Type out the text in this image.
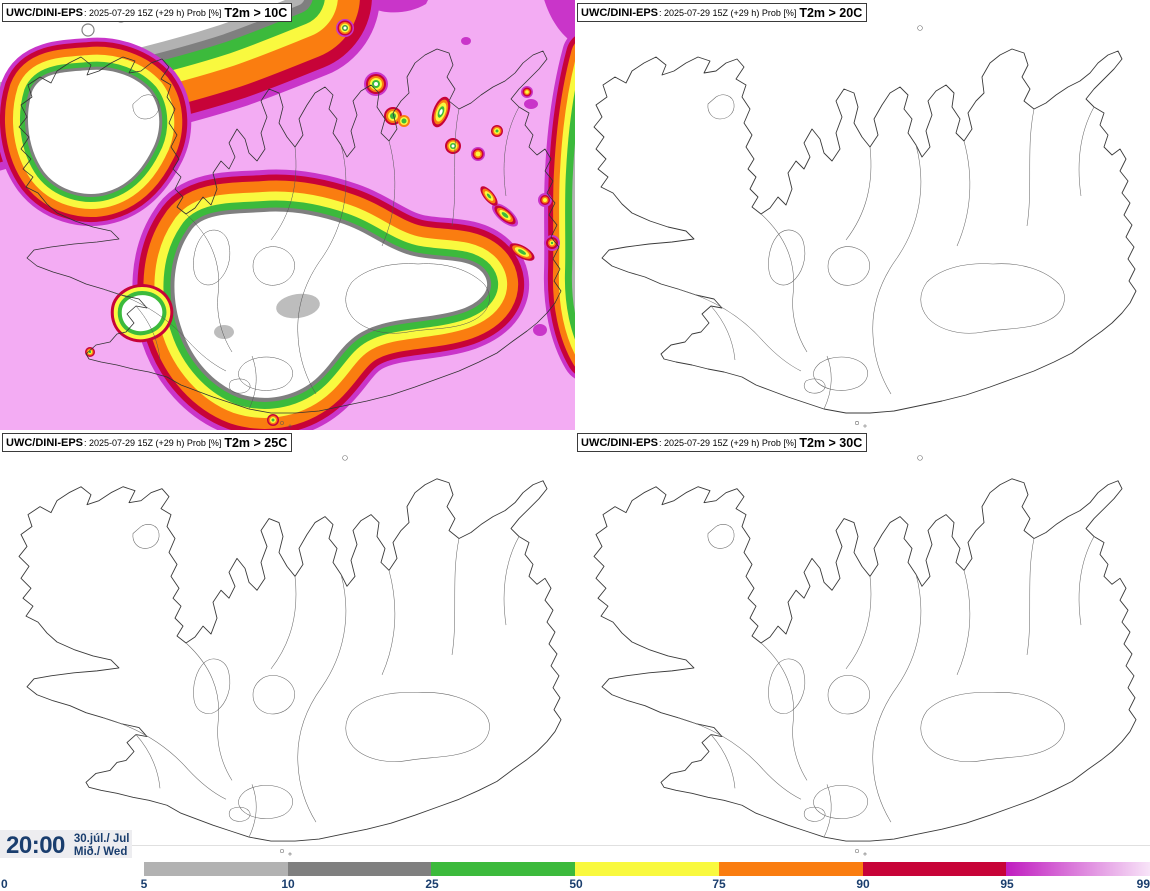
UWC/DINI-EPS : 2025-07-29 15Z (+29 h) Prob [%] T2m > 10C	UWC/DINI-EPS : 2025-07-29 15Z (+29 h) Prob [%] T2m > 20C
UWC/DINI-EPS : 2025-07-29 15Z (+29 h) Prob [%] T2m > 25C	UWC/DINI-EPS : 2025-07-29 15Z (+29 h) Prob [%] T2m > 30C
20:00 30.júl./ Jul
Mið./ Wed
0	5	10	25	50	75	90	95	99
